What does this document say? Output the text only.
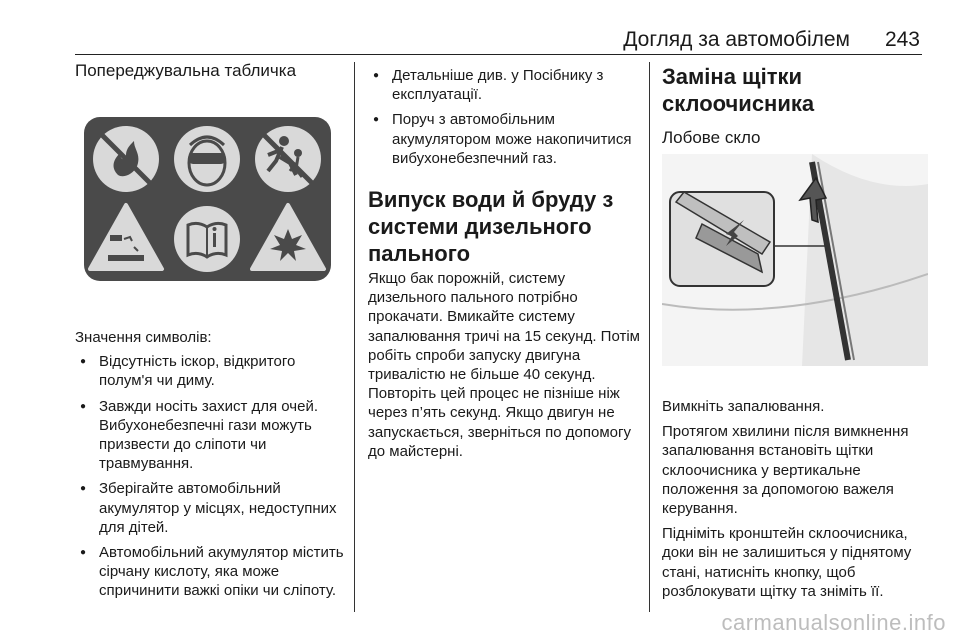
Догляд за автомобілем 243
Попереджувальна табличка

Значення символів:

● Відсутність іскор, відкритого полум'я чи диму.
● Завжди носіть захист для очей. Вибухонебезпечні гази можуть призвести до сліпоти чи травмування.
● Зберігайте автомобільний акумулятор у місцях, недоступних для дітей.
● Автомобільний акумулятор містить сірчану кислоту, яка може спричинити важкі опіки чи сліпоту.
● Детальніше див. у Посібнику з експлуатації.
● Поруч з автомобільним акумулятором може накопичитися вибухонебезпечний газ.
Випуск води й бруду з системи дизельного пального

Якщо бак порожній, систему дизельного пального потрібно прокачати. Вмикайте систему запалювання тричі на 15 секунд. Потім робіть спроби запуску двигуна тривалістю не більше 40 секунд. Повторіть цей процес не пізніше ніж через п’ять секунд. Якщо двигун не запускається, зверніться по допомогу до майстерні.

Заміна щітки склоочисника
Лобове скло

Вимкніть запалювання.

Протягом хвилини після вимкнення запалювання встановіть щітки склоочисника у вертикальне положення за допомогою важеля керування.

Підніміть кронштейн склоочисника, доки він не залишиться у піднятому стані, натисніть кнопку, щоб розблокувати щітку та зніміть її.

carmanualsonline.info
